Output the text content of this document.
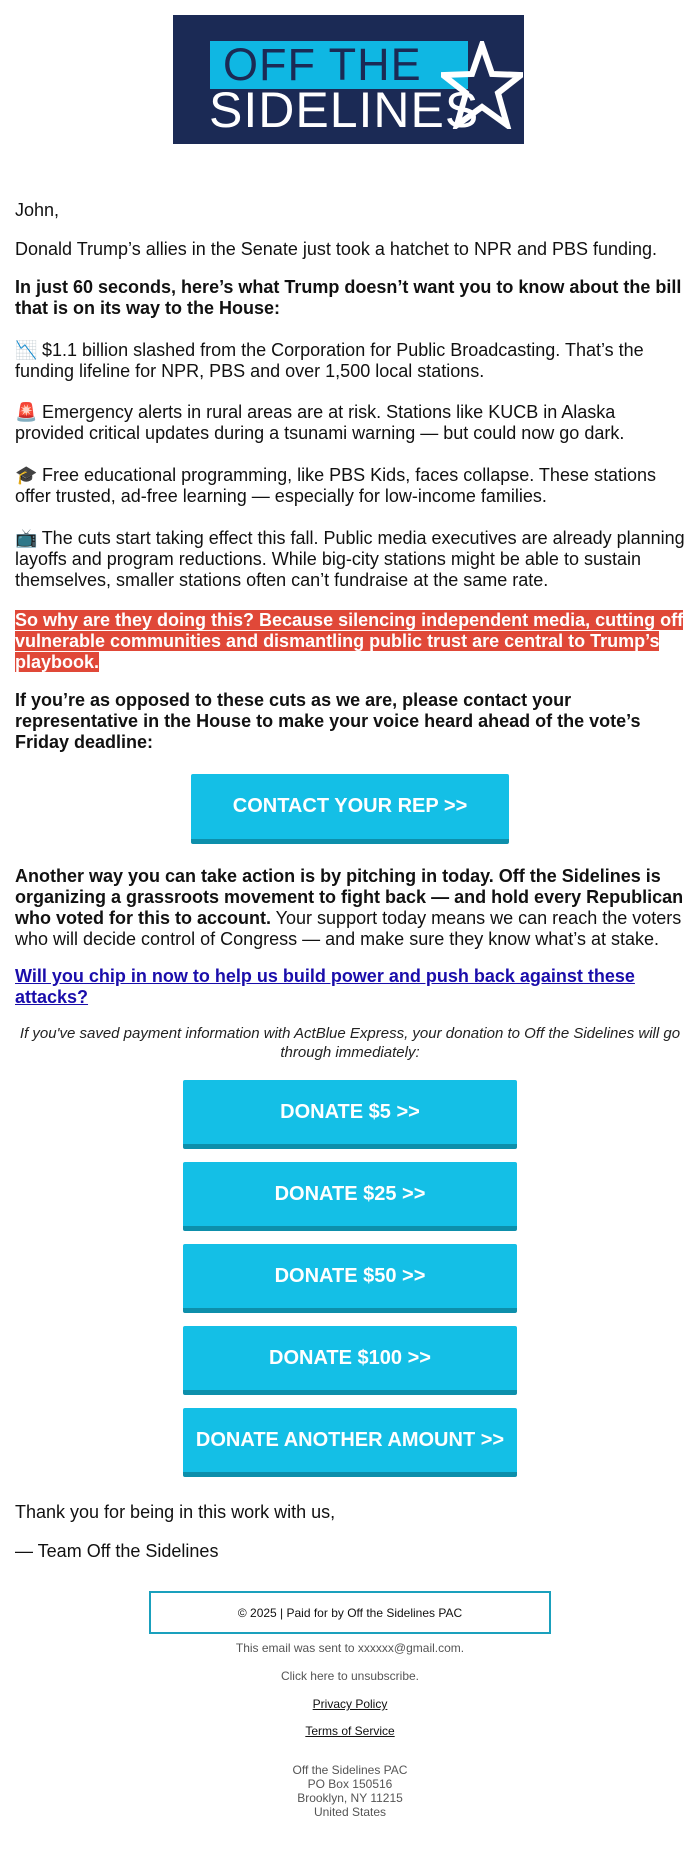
OFF THE
SIDELINES
John,
Donald Trump’s allies in the Senate just took a hatchet to NPR and PBS funding.
In just 60 seconds, here’s what Trump doesn’t want you to know about the bill that is on its way to the House:
📉 $1.1 billion slashed from the Corporation for Public Broadcasting. That’s the funding lifeline for NPR, PBS and over 1,500 local stations.
🚨 Emergency alerts in rural areas are at risk. Stations like KUCB in Alaska provided critical updates during a tsunami warning — but could now go dark.
🎓 Free educational programming, like PBS Kids, faces collapse. These stations offer trusted, ad-free learning — especially for low-income families.
📺 The cuts start taking effect this fall. Public media executives are already planning layoffs and program reductions. While big-city stations might be able to sustain themselves, smaller stations often can’t fundraise at the same rate.
So why are they doing this? Because silencing independent media, cutting off vulnerable communities and dismantling public trust are central to Trump’s playbook.
If you’re as opposed to these cuts as we are, please contact your representative in the House to make your voice heard ahead of the vote’s Friday deadline:
CONTACT YOUR REP >>
Another way you can take action is by pitching in today. Off the Sidelines is organizing a grassroots movement to fight back — and hold every Republican who voted for this to account. Your support today means we can reach the voters who will decide control of Congress — and make sure they know what’s at stake.
Will you chip in now to help us build power and push back against these attacks?
If you've saved payment information with ActBlue Express, your donation to Off the Sidelines will go through immediately:
DONATE $5 >>
DONATE $25 >>
DONATE $50 >>
DONATE $100 >>
DONATE ANOTHER AMOUNT >>
Thank you for being in this work with us,
— Team Off the Sidelines
© 2025 | Paid for by Off the Sidelines PAC
This email was sent to xxxxxx@gmail.com.
Click here to unsubscribe.
Privacy Policy
Terms of Service
Off the Sidelines PAC
PO Box 150516
Brooklyn, NY 11215
United States
